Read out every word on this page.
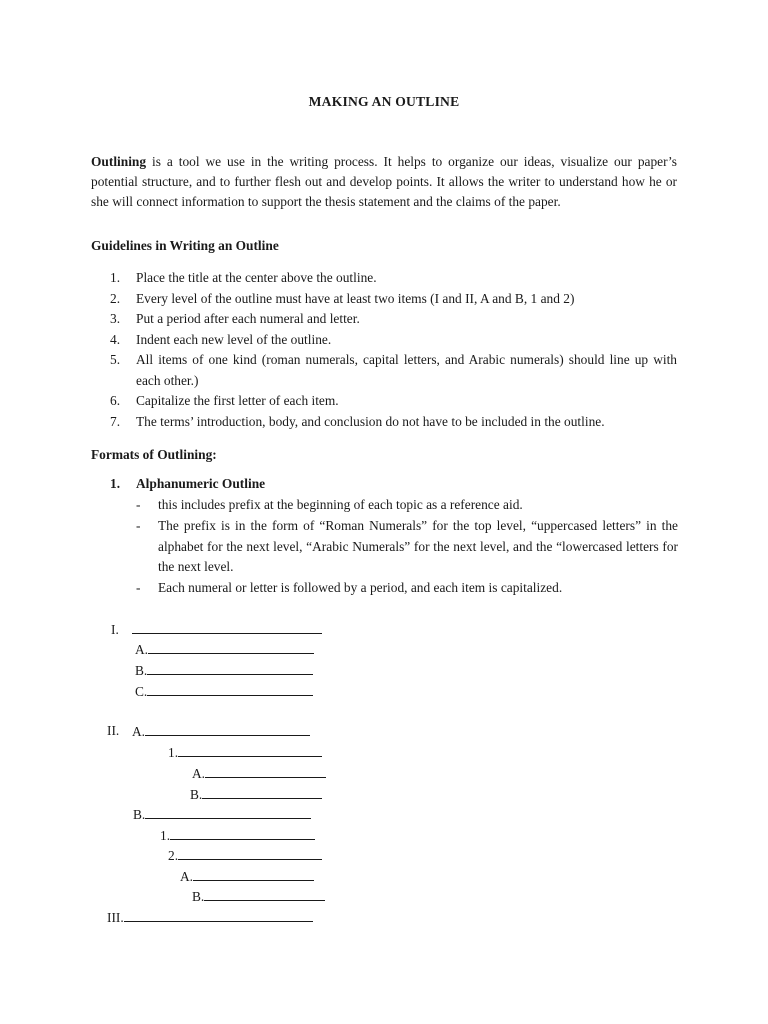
MAKING AN OUTLINE
Outlining is a tool we use in the writing process. It helps to organize our ideas, visualize our paper’s potential structure, and to further flesh out and develop points. It allows the writer to understand how he or she will connect information to support the thesis statement and the claims of the paper.
Guidelines in Writing an Outline
1.	Place the title at the center above the outline.
2.	Every level of the outline must have at least two items (I and II, A and B, 1 and 2)
3.	Put a period after each numeral and letter.
4.	Indent each new level of the outline.
5.	All items of one kind (roman numerals, capital letters, and Arabic numerals) should line up with each other.)
6.	Capitalize the first letter of each item.
7.	The terms’ introduction, body, and conclusion do not have to be included in the outline.
Formats of Outlining:
1. Alphanumeric Outline
- this includes prefix at the beginning of each topic as a reference aid.
- The prefix is in the form of “Roman Numerals” for the top level, “uppercased letters” in the alphabet for the next level, “Arabic Numerals” for the next level, and the “lowercased letters for the next level.
- Each numeral or letter is followed by a period, and each item is capitalized.
I.
A.
B.
C.
II. A.
1.
A.
B.
B.
1.
2.
A.
B.
III.
